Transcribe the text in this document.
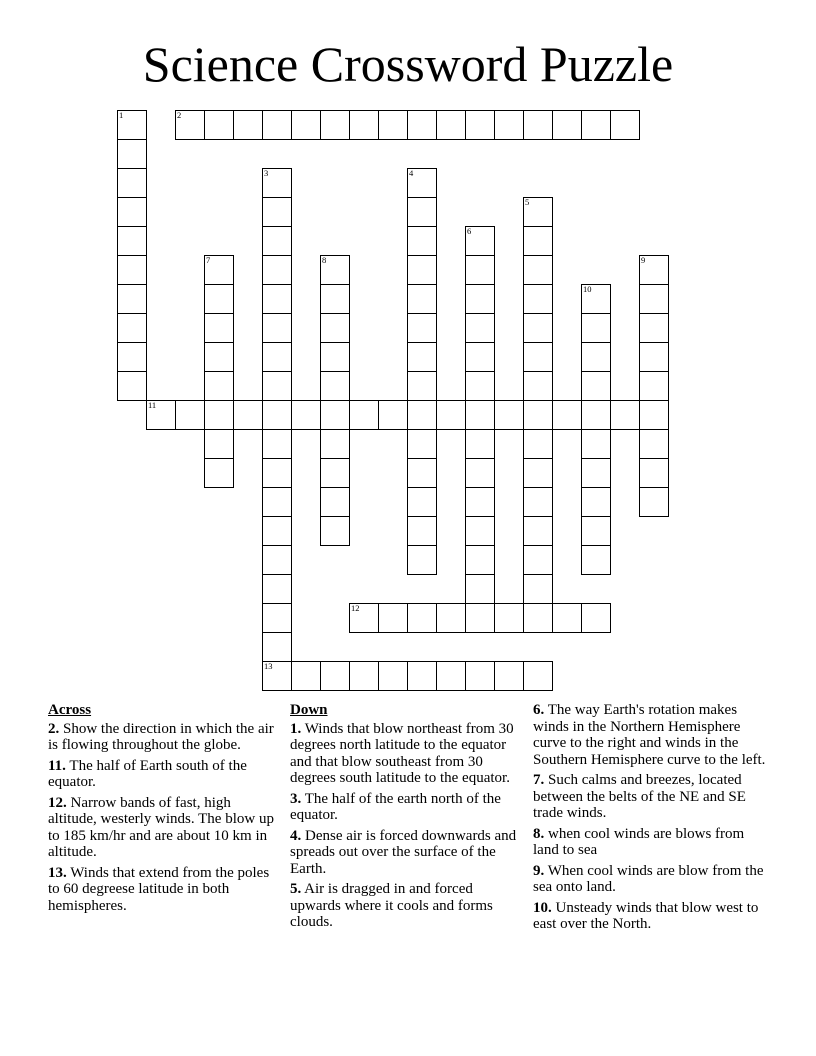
Science Crossword Puzzle
1	2
3
13
4
5
6
7	8	9
10
11
12
Across
2. Show the direction in which the air is flowing throughout the globe.
11. The half of Earth south of the equator.
12. Narrow bands of fast, high altitude, westerly winds. The blow up to 185 km/hr and are about 10 km in altitude.
13. Winds that extend from the poles to 60 degreese latitude in both hemispheres.
Down
1. Winds that blow northeast from 30 degrees north latitude to the equator and that blow southeast from 30 degrees south latitude to the equator.
3. The half of the earth north of the equator.
4. Dense air is forced downwards and spreads out over the surface of the Earth.
5. Air is dragged in and forced upwards where it cools and forms clouds.
6. The way Earth's rotation makes winds in the Northern Hemisphere curve to the right and winds in the Southern Hemisphere curve to the left.
7. Such calms and breezes, located between the belts of the NE and SE trade winds.
8. when cool winds are blows from land to sea
9. When cool winds are blow from the sea onto land.
10. Unsteady winds that blow west to east over the North.
